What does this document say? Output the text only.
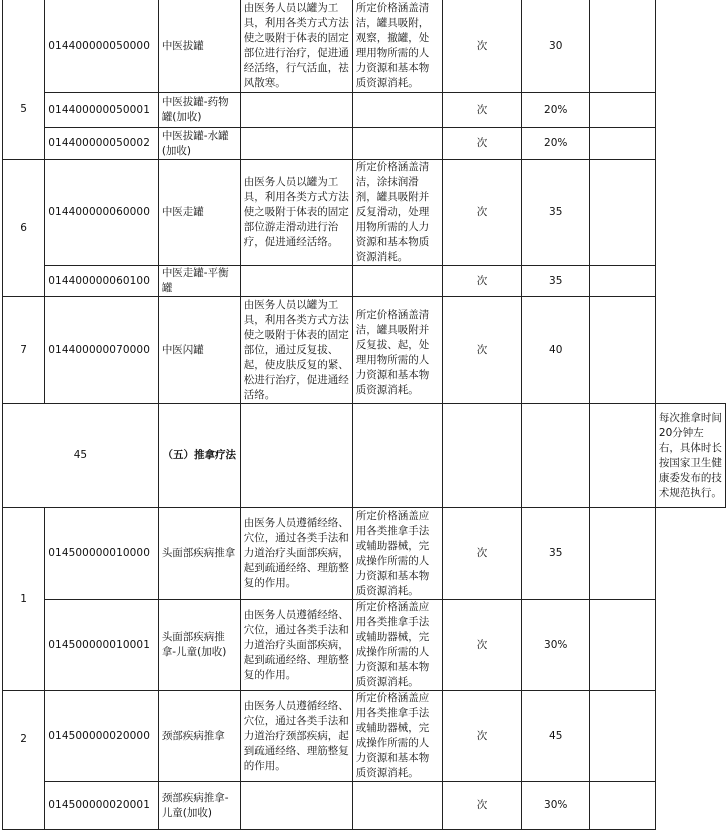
5	014400000050000	中医拔罐	由医务人员以罐为工具，利用各类方式方法使之吸附于体表的固定部位进行治疗，促进通经活络，行气活血，祛风散寒。	所定价格涵盖清洁，罐具吸附，观察，撤罐，处理用物所需的人力资源和基本物质资源消耗。	次	30		
	014400000050001	中医拔罐-药物罐(加收)			次	20%		
	014400000050002	中医拔罐-水罐(加收)			次	20%		
6	014400000060000	中医走罐	由医务人员以罐为工具，利用各类方式方法使之吸附于体表的固定部位游走滑动进行治疗，促进通经活络。	所定价格涵盖清洁，涂抹润滑剂，罐具吸附并反复滑动，处理用物所需的人力资源和基本物质资源消耗。	次	35		
	014400000060100	中医走罐-平衡罐			次	35		
7	014400000070000	中医闪罐	由医务人员以罐为工具，利用各类方式方法使之吸附于体表的固定部位，通过反复拔、起，使皮肤反复的紧、松进行治疗，促进通经活络。	所定价格涵盖清洁，罐具吸附并反复拔、起，处理用物所需的人力资源和基本物质资源消耗。	次	40		
45		（五）推拿疗法						每次推拿时间20分钟左右，具体时长按国家卫生健康委发布的技术规范执行。
1	014500000010000	头面部疾病推拿	由医务人员遵循经络、穴位，通过各类手法和力道治疗头面部疾病，起到疏通经络、理筋整复的作用。	所定价格涵盖应用各类推拿手法或辅助器械，完成操作所需的人力资源和基本物质资源消耗。	次	35		
	014500000010001	头面部疾病推拿-儿童(加收)	由医务人员遵循经络、穴位，通过各类手法和力道治疗头面部疾病，起到疏通经络、理筋整复的作用。	所定价格涵盖应用各类推拿手法或辅助器械，完成操作所需的人力资源和基本物质资源消耗。	次	30%		
2	014500000020000	颈部疾病推拿	由医务人员遵循经络、穴位，通过各类手法和力道治疗颈部疾病，起到疏通经络、理筋整复的作用。	所定价格涵盖应用各类推拿手法或辅助器械，完成操作所需的人力资源和基本物质资源消耗。	次	45		
	014500000020001	颈部疾病推拿-儿童(加收)			次	30%		
